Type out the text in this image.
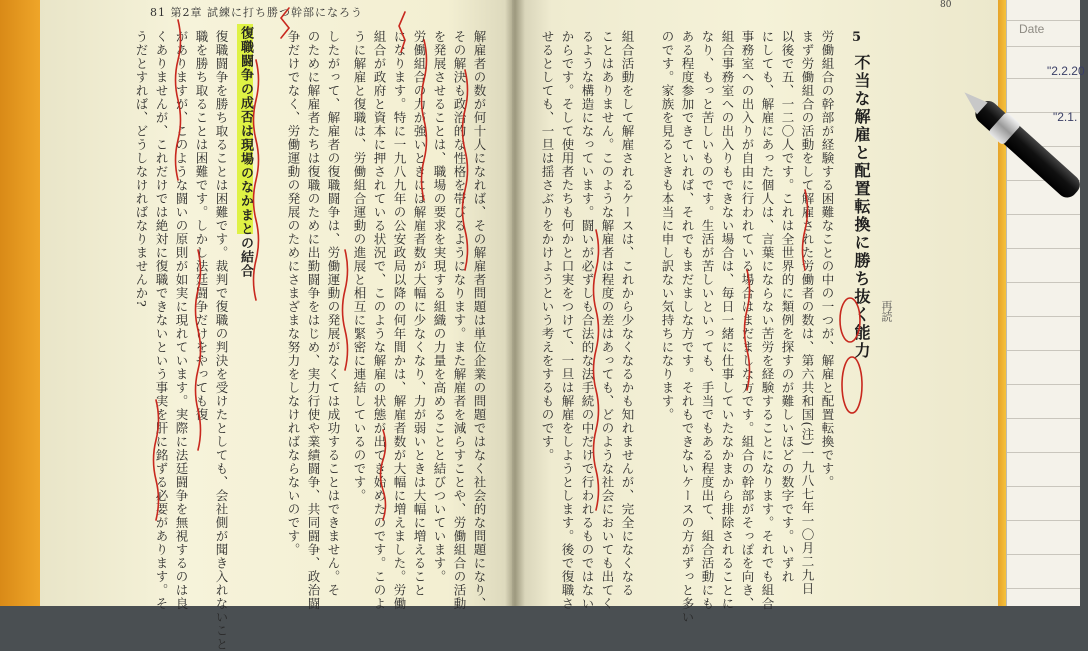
Date
"2.2.20
"2.1.
81 第2章 試練に打ち勝つ幹部になろう
80
5
不当な解雇と配置転換に勝ち抜く能力 再読
労働組合の幹部が経験する困難なことの中の一つが、解雇と配置転換です。
まず労働組合の活動をして解雇された労働者の数は、第六共和国(注)一九八七年一〇月二九日
以後で五、一二〇人です。これは全世界的に類例を探すのが難しいほどの数字です。いずれ
にしても、解雇にあった個人は、言葉にならない苦労を経験することになります。それでも組合
事務室への出入りが自由に行われている場合はまだましな方です。組合の幹部がそっぽを向き、
組合事務室への出入りもできない場合は、毎日一緒に仕事していたなかまから排除されることに
なり、もっと苦しいものです。生活が苦しいといっても、手当でもある程度出て、組合活動にも
ある程度参加できていれば、それでもまだましな方です。それもできないケースの方がずっと多い
のです。家族を見るときも本当に申し訳ない気持ちになります。
組合活動をして解雇されるケースは、これから少なくなるかも知れませんが、完全になくなる
ことはありません。このような解雇者は程度の差はあっても、どのような社会においても出てく
るような構造になっています。闘いが必ずしも合法的な法手続の中だけで行われるものではない
からです。そして使用者たちも何かと口実をつけて、一旦は解雇をしようとします。後で復職さ
せるとしても、一旦は揺さぶりをかけようという考えをするものです。
解雇者の数が何十人になれば、その解雇者問題は単位企業の問題ではなく社会的な問題になり、
その解決も政治的な性格を帯びるようになります。また解雇者を減らすことや、労働組合の活動
を発展させることは、職場の要求を実現する組織の力量を高めることと結びついています。
労働組合の力が強いときには解雇者数が大幅に少なくなり、力が弱いときは大幅に増えること
になります。特に一九八九年の公安政局以降の何年間かは、解雇者数が大幅に増えました。労働
組合が政府と資本に押されている状況で、このような解雇の状態が出てき始めたのです。このよ
うに解雇と復職は、労働組合運動の進展と相互に緊密に連結しているのです。
したがって、解雇者の復職闘争は、労働運動の発展がなくては成功することはできません。そ
のために解雇者たちは復職のために出勤闘争をはじめ、実力行使や業績闘争、共同闘争、政治闘
争だけでなく、労働運動の発展のためにさまざまな努力をしなければならないのです。
復職闘争の成否は現場のなかまとの結合
復職闘争を勝ち取ることは困難です。裁判で復職の判決を受けたとしても、会社側が聞き入れないこと
職を勝ち取ることは困難です。しかし法廷闘争だけをやっても復
がありますが、このような闘いの原則が如実に現れています。実際に法廷闘争を無視するのは良
くありませんが、これだけでは絶対に復職できないという事実を肝に銘ずる必要があります。そ
うだとすれば、どうしなければなりませんか?
